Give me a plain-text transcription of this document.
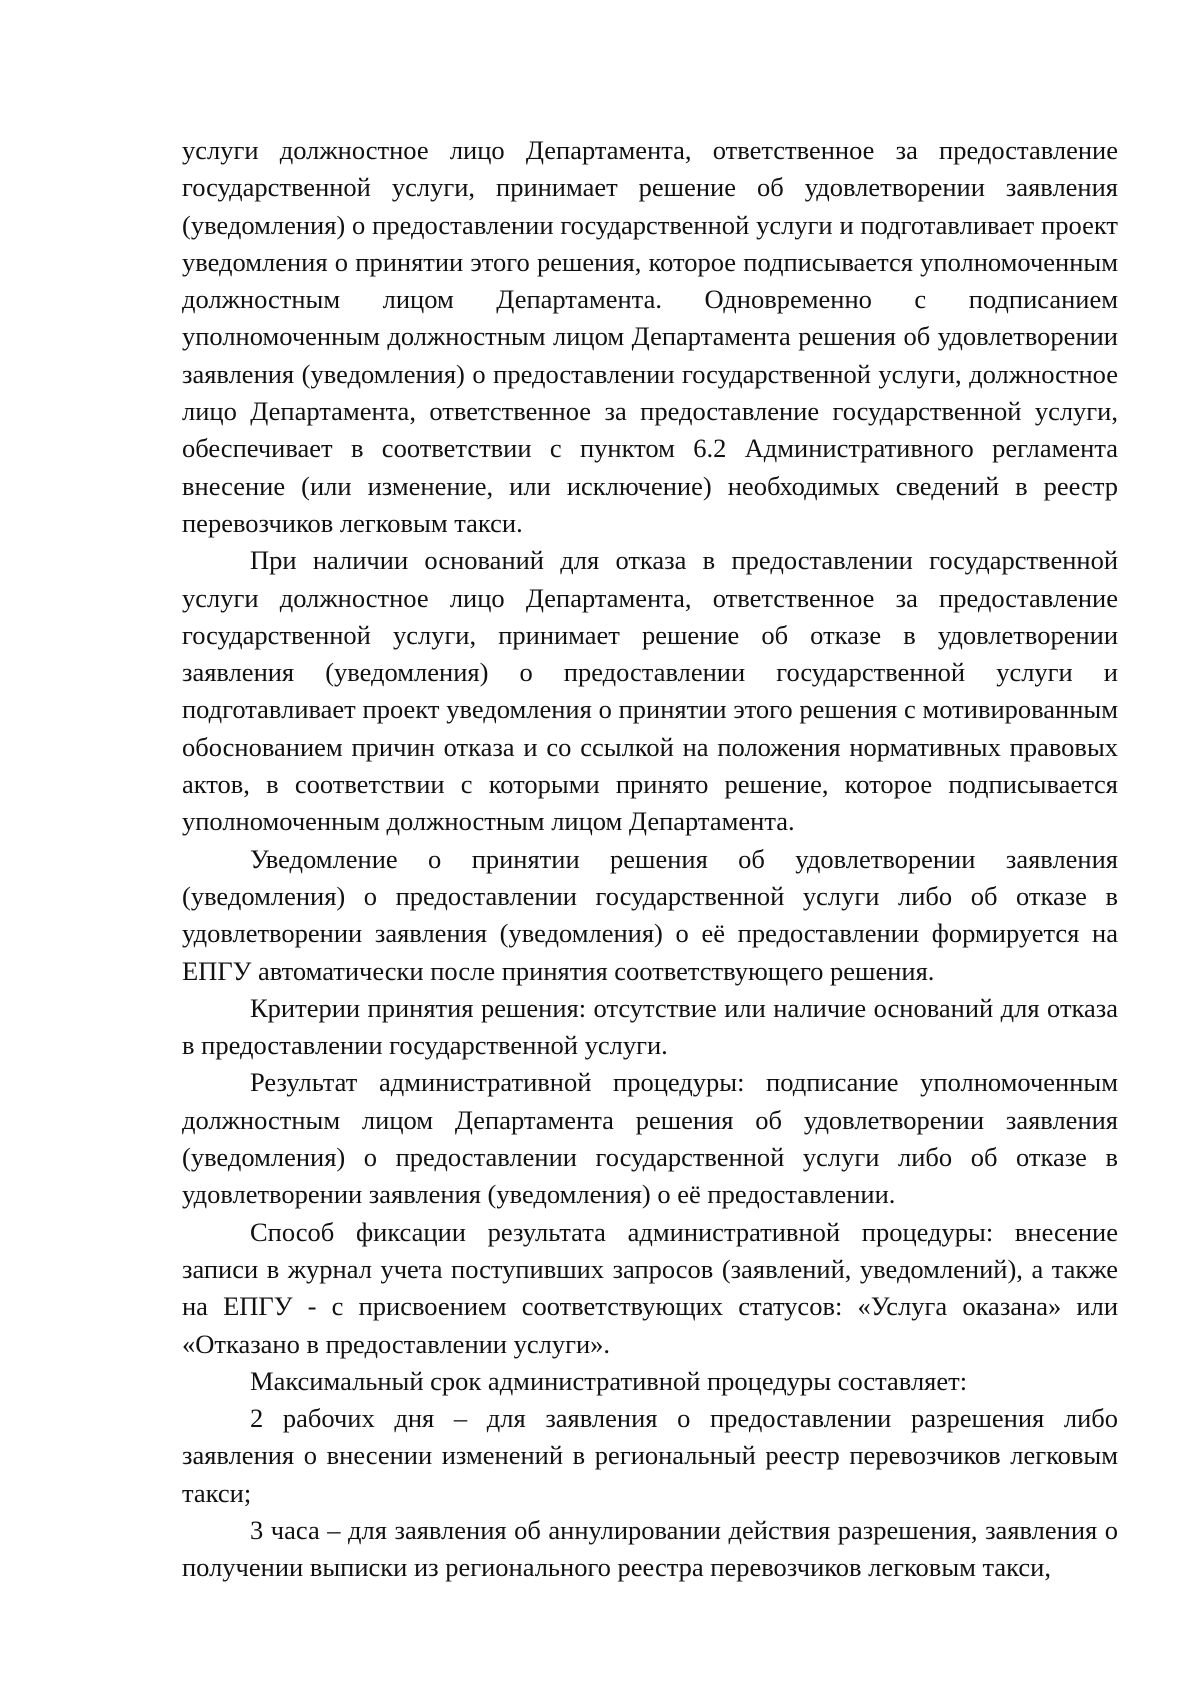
услуги должностное лицо Департамента, ответственное за предоставление государственной услуги, принимает решение об удовлетворении заявления (уведомления) о предоставлении государственной услуги и подготавливает проект уведомления о принятии этого решения, которое подписывается уполномоченным должностным лицом Департамента. Одновременно с подписанием уполномоченным должностным лицом Департамента решения об удовлетворении заявления (уведомления) о предоставлении государственной услуги, должностное лицо Департамента, ответственное за предоставление государственной услуги, обеспечивает в соответствии с пунктом 6.2 Административного регламента внесение (или изменение, или исключение) необходимых сведений в реестр перевозчиков легковым такси.

При наличии оснований для отказа в предоставлении государственной услуги должностное лицо Департамента, ответственное за предоставление государственной услуги, принимает решение об отказе в удовлетворении заявления (уведомления) о предоставлении государственной услуги и подготавливает проект уведомления о принятии этого решения с мотивированным обоснованием причин отказа и со ссылкой на положения нормативных правовых актов, в соответствии с которыми принято решение, которое подписывается уполномоченным должностным лицом Департамента.

Уведомление о принятии решения об удовлетворении заявления (уведомления) о предоставлении государственной услуги либо об отказе в удовлетворении заявления (уведомления) о её предоставлении формируется на ЕПГУ автоматически после принятия соответствующего решения.

Критерии принятия решения: отсутствие или наличие оснований для отказа в предоставлении государственной услуги.

Результат административной процедуры: подписание уполномоченным должностным лицом Департамента решения об удовлетворении заявления (уведомления) о предоставлении государственной услуги либо об отказе в удовлетворении заявления (уведомления) о её предоставлении.

Способ фиксации результата административной процедуры: внесение записи в журнал учета поступивших запросов (заявлений, уведомлений), а также на ЕПГУ - с присвоением соответствующих статусов: «Услуга оказана» или «Отказано в предоставлении услуги».

Максимальный срок административной процедуры составляет:

2 рабочих дня – для заявления о предоставлении разрешения либо заявления о внесении изменений в региональный реестр перевозчиков легковым такси;

3 часа – для заявления об аннулировании действия разрешения, заявления о получении выписки из регионального реестра перевозчиков легковым такси,
